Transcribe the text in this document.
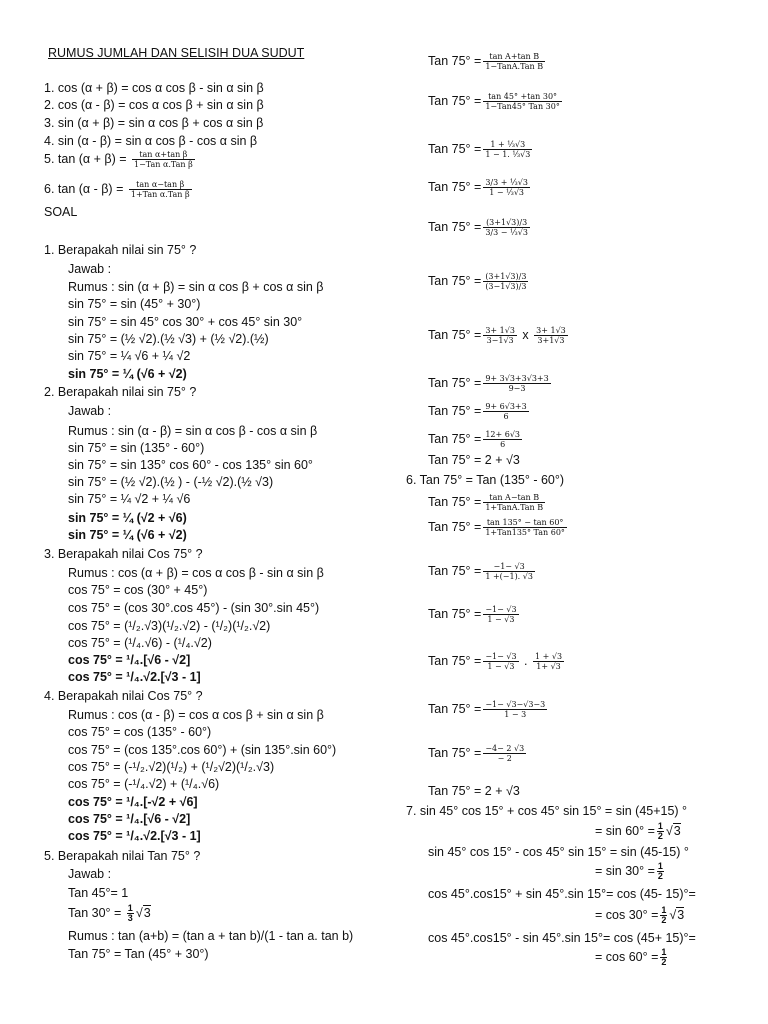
RUMUS JUMLAH DAN SELISIH DUA SUDUT
1. cos (α + β) = cos α cos β - sin α sin β
2. cos (α - β) = cos α cos β + sin α sin β
3. sin (α + β) = sin α cos β + cos α sin β
4. sin (α - β) = sin α cos β - cos α sin β
SOAL
1. Berapakah nilai sin 75° ?
Jawab :
Rumus : sin (α + β) = sin α cos β + cos α sin β
sin 75° = sin (45° + 30°)
sin 75° = sin 45° cos 30° + cos 45° sin 30°
sin 75° = (½ √2).(½ √3) + (½ √2).(½)
sin 75° = ¼ √6 + ¼ √2
sin 75° = ¼ (√6 + √2)
2. Berapakah nilai sin 75° ?
Jawab :
Rumus : sin (α - β) = sin α cos β - cos α sin β
sin 75° = sin (135° - 60°)
sin 75° = sin 135° cos 60° - cos 135° sin 60°
sin 75° = (½ √2).(½ ) - (-½ √2).(½ √3)
sin 75° = ¼ √2 + ¼ √6
sin 75° = ¼ (√2 + √6)
sin 75° = ¼ (√6 + √2)
3. Berapakah nilai Cos 75° ?
Rumus : cos (α + β) = cos α cos β - sin α sin β
cos 75° = cos (30° + 45°)
cos 75° = (cos 30°.cos 45°) - (sin 30°.sin 45°)
cos 75° = (¹/₂.√3)(¹/₂.√2) - (¹/₂)(¹/₂.√2)
cos 75° = (¹/₄.√6) - (¹/₄.√2)
cos 75° = ¹/₄.[√6 - √2]
cos 75° = ¹/₄.√2.[√3 - 1]
4. Berapakah nilai Cos 75° ?
Rumus : cos (α - β) = cos α cos β + sin α sin β
cos 75° = cos (135° - 60°)
cos 75° = (cos 135°.cos 60°) + (sin 135°.sin 60°)
cos 75° = (-¹/₂.√2)(¹/₂) + (¹/₂√2)(¹/₂.√3)
cos 75° = (-¹/₄.√2) + (¹/₄.√6)
cos 75° = ¹/₄.[-√2 + √6]
cos 75° = ¹/₄.[√6 - √2]
cos 75° = ¹/₄.√2.[√3 - 1]
5. Berapakah nilai Tan 75° ?
Jawab :
Tan 45°= 1
Rumus : tan (a+b) = (tan a + tan b)/(1 - tan a. tan b)
Tan 75° = Tan (45° + 30°)
5. $\tan (\alpha + \beta) = \frac{\text{tan α+tan β}}{\text{1−Tan α.Tan β}}$
6. $\tan (\alpha - \beta) = \frac{\text{tan α−tan β}}{\text{1+Tan α.Tan β}}$
Tan $30^\circ = \frac{1}{3} √3$
Tan $75^\circ = \frac{\text{tan A+tan B}}{\text{1−TanA.Tan B}}$
Tan $75^\circ = \frac{\tan 45^\circ +\tan 30^\circ}{\text{1−Tan45° Tan 30°}}$
Tan $75^\circ = \frac{\text{1 + ⅓√3}}{\text{1 − 1. ⅓√3}}$
Tan $75^\circ = \frac{\text{3/3 + ⅓√3}}{\text{1 − ⅓√3}}$
Tan $75^\circ = \frac{(3+1√3)/3}{\text{3/3 − ⅓√3}}$
Tan $75^\circ = \frac{(3+1√3)/3}{(3-1√3)/3}$
Tan $75^\circ = \frac{3+ 1√3}{3-1√3}$ x $\frac{3+ 1√3}{3+1√3}$
Tan $75^\circ = \frac{9+ 3√3+3√3+3}{9-3}$
Tan $75^\circ = \frac{9+ 6√3+3}{6}$
Tan $75^\circ = \frac{12+ 6√3}{6}$
Tan 75° = 2 + √3
6. Tan 75° = Tan (135° - 60°)
Tan $75^\circ = \frac{\text{tan A−tan B}}{\text{1+TanA.Tan B}}$
Tan $75^\circ = \frac{\tan 135^\circ - \tan 60^\circ}{\text{1+Tan135° Tan 60°}}$
Tan $75^\circ = \frac{-1- √3}{1 +(-1). √3}$
Tan $75^\circ = \frac{-1- √3}{1 - √3}$
Tan $75^\circ = \frac{-1- √3}{1 - √3}$ . $\frac{1 + √3}{1+ √3}$
Tan $75^\circ = \frac{-1- √3-√3-3}{1 - 3}$
Tan $75^\circ = \frac{-4- 2 √3}{- 2}$
Tan 75° = 2 + √3
7. sin 45° cos 15° + cos 45° sin 15° = sin (45+15) °
= $\sin 60^\circ = \frac{1}{2} √3$
sin 45° cos 15° - cos 45° sin 15° = sin (45-15) °
= $\sin 30^\circ = \frac{1}{2}$
cos 45°.cos15° + sin 45°.sin 15°= cos (45- 15)°=
= $\cos 30^\circ = \frac{1}{2} √3$
cos 45°.cos15° - sin 45°.sin 15°= cos (45+ 15)°=
= $\cos 60^\circ = \frac{1}{2}$
